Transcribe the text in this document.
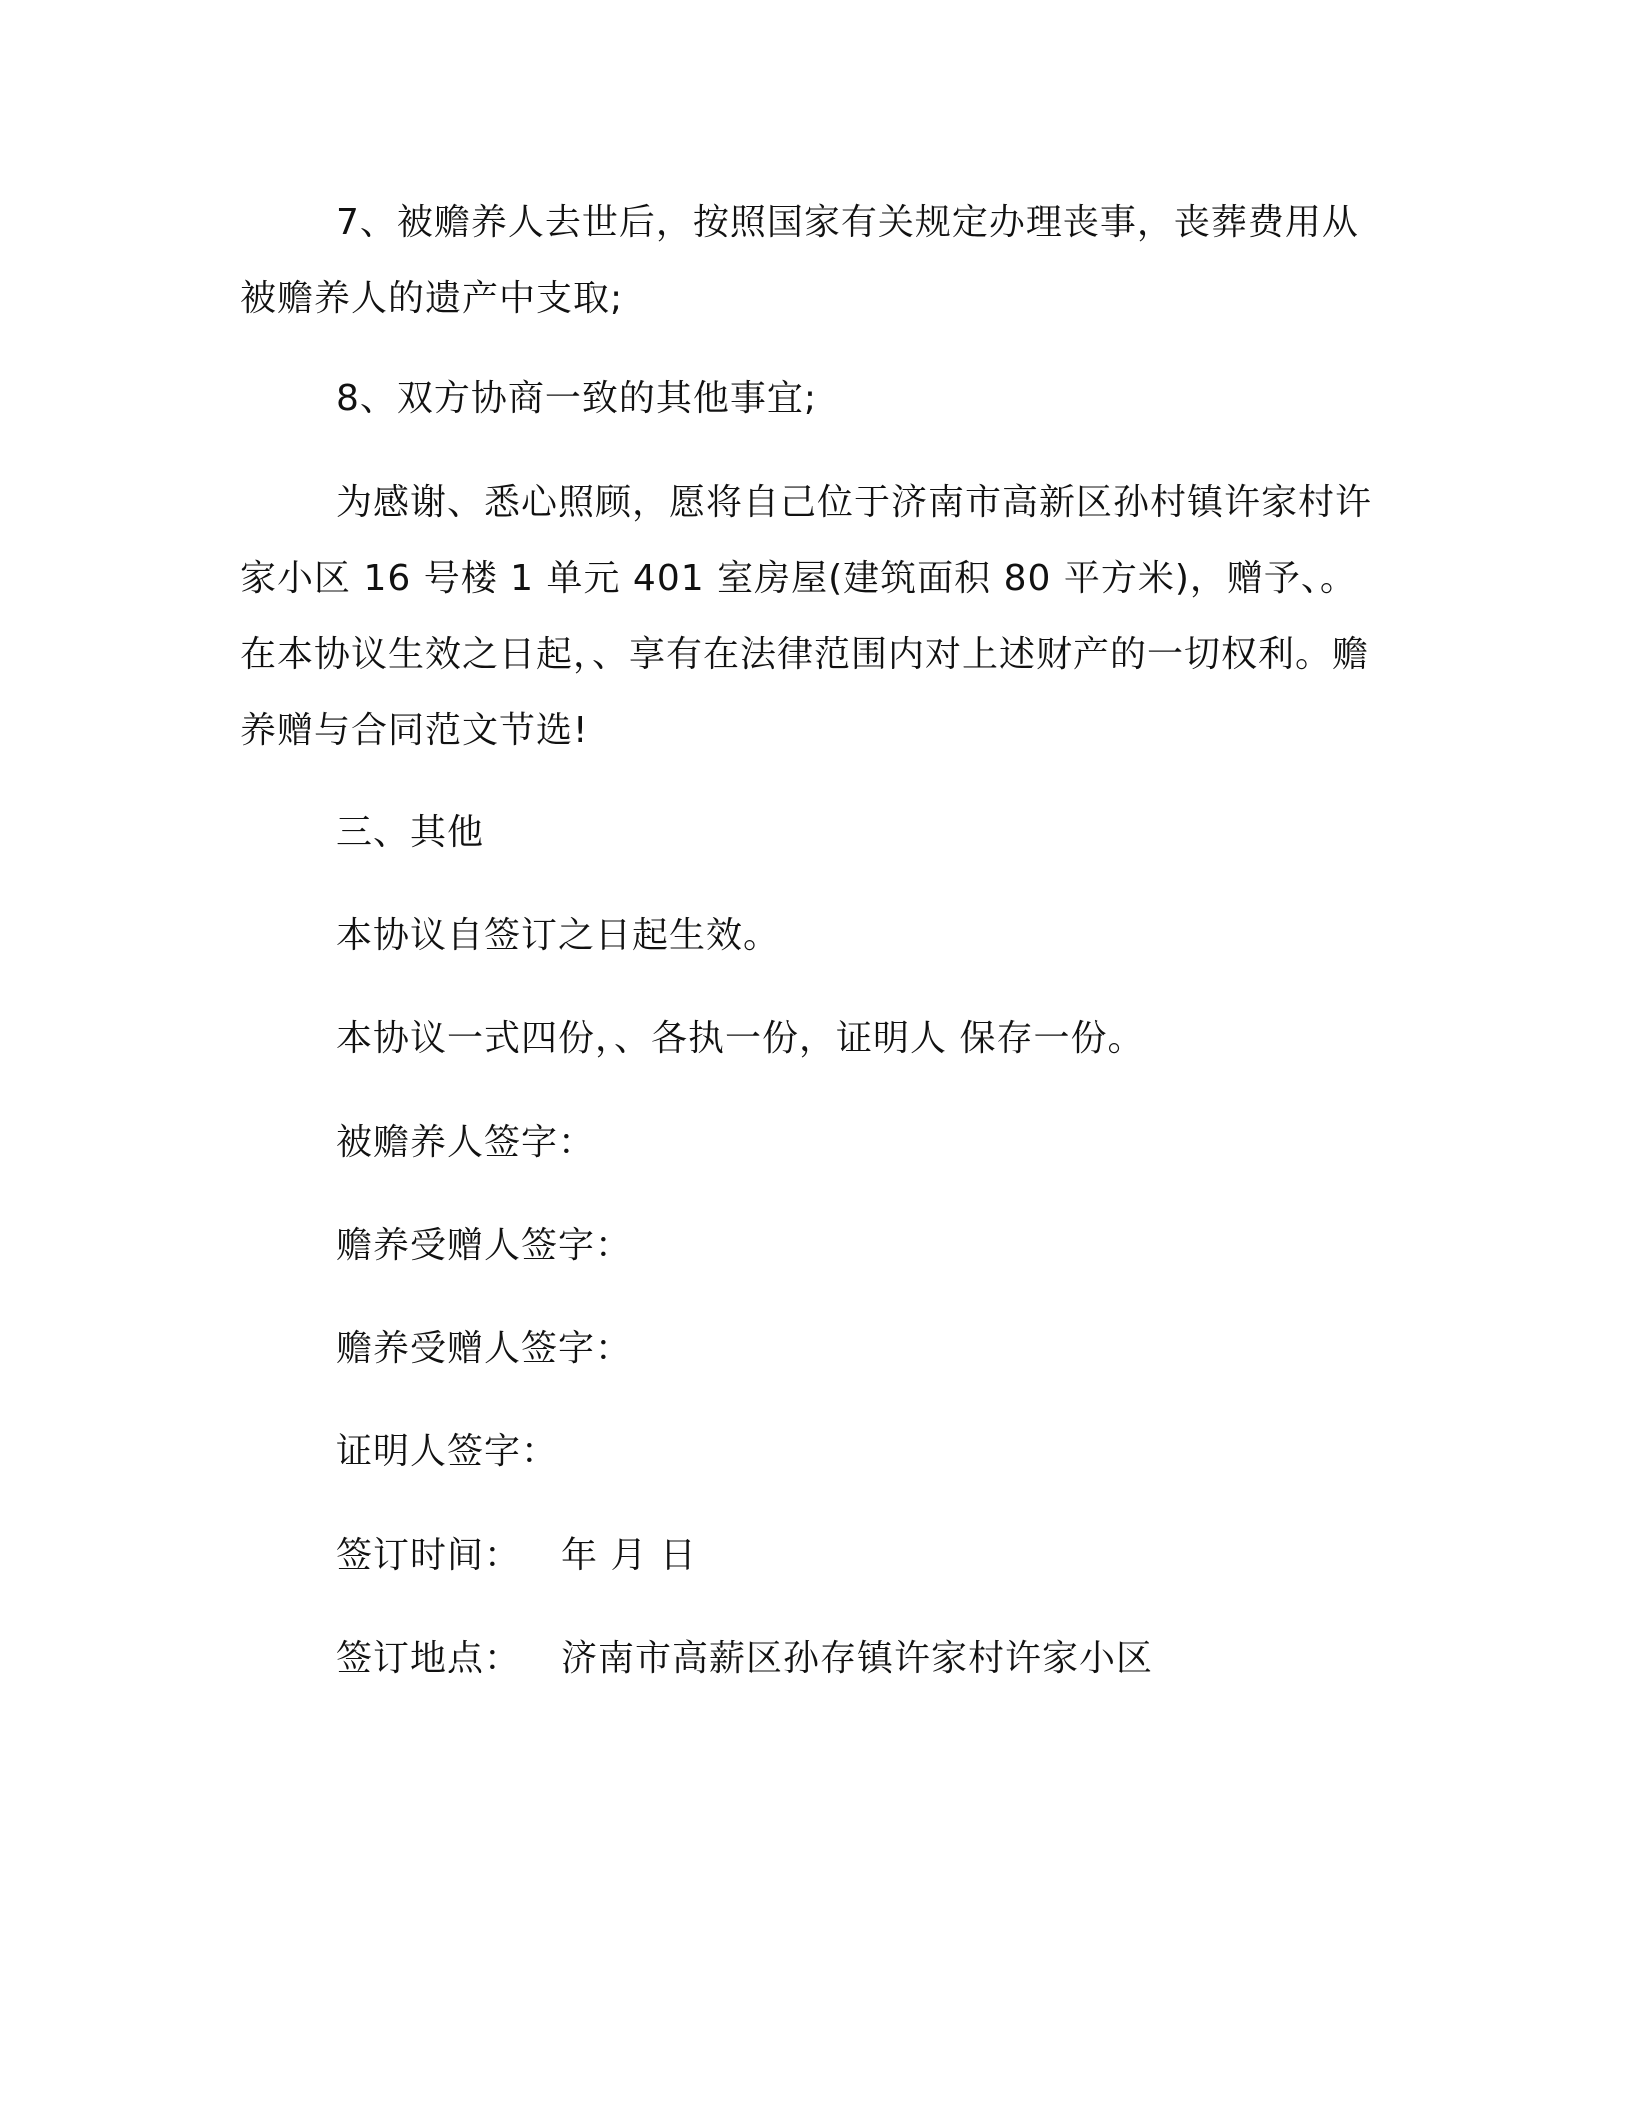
7、被赡养人去世后，按照国家有关规定办理丧事，丧葬费用从被赡养人的遗产中支取;

8、双方协商一致的其他事宜;

为感谢、悉心照顾，愿将自己位于济南市高新区孙村镇许家村许家小区 16 号楼 1 单元 401 室房屋(建筑面积 80 平方米)，赠予、。在本协议生效之日起，、享有在法律范围内对上述财产的一切权利。赡养赠与合同范文节选!

三、其他

本协议自签订之日起生效。

本协议一式四份，、各执一份，证明人 保存一份。

被赡养人签字：

赡养受赠人签字：

赡养受赠人签字：

证明人签字：

签订时间： 年 月 日

签订地点： 济南市高薪区孙存镇许家村许家小区
